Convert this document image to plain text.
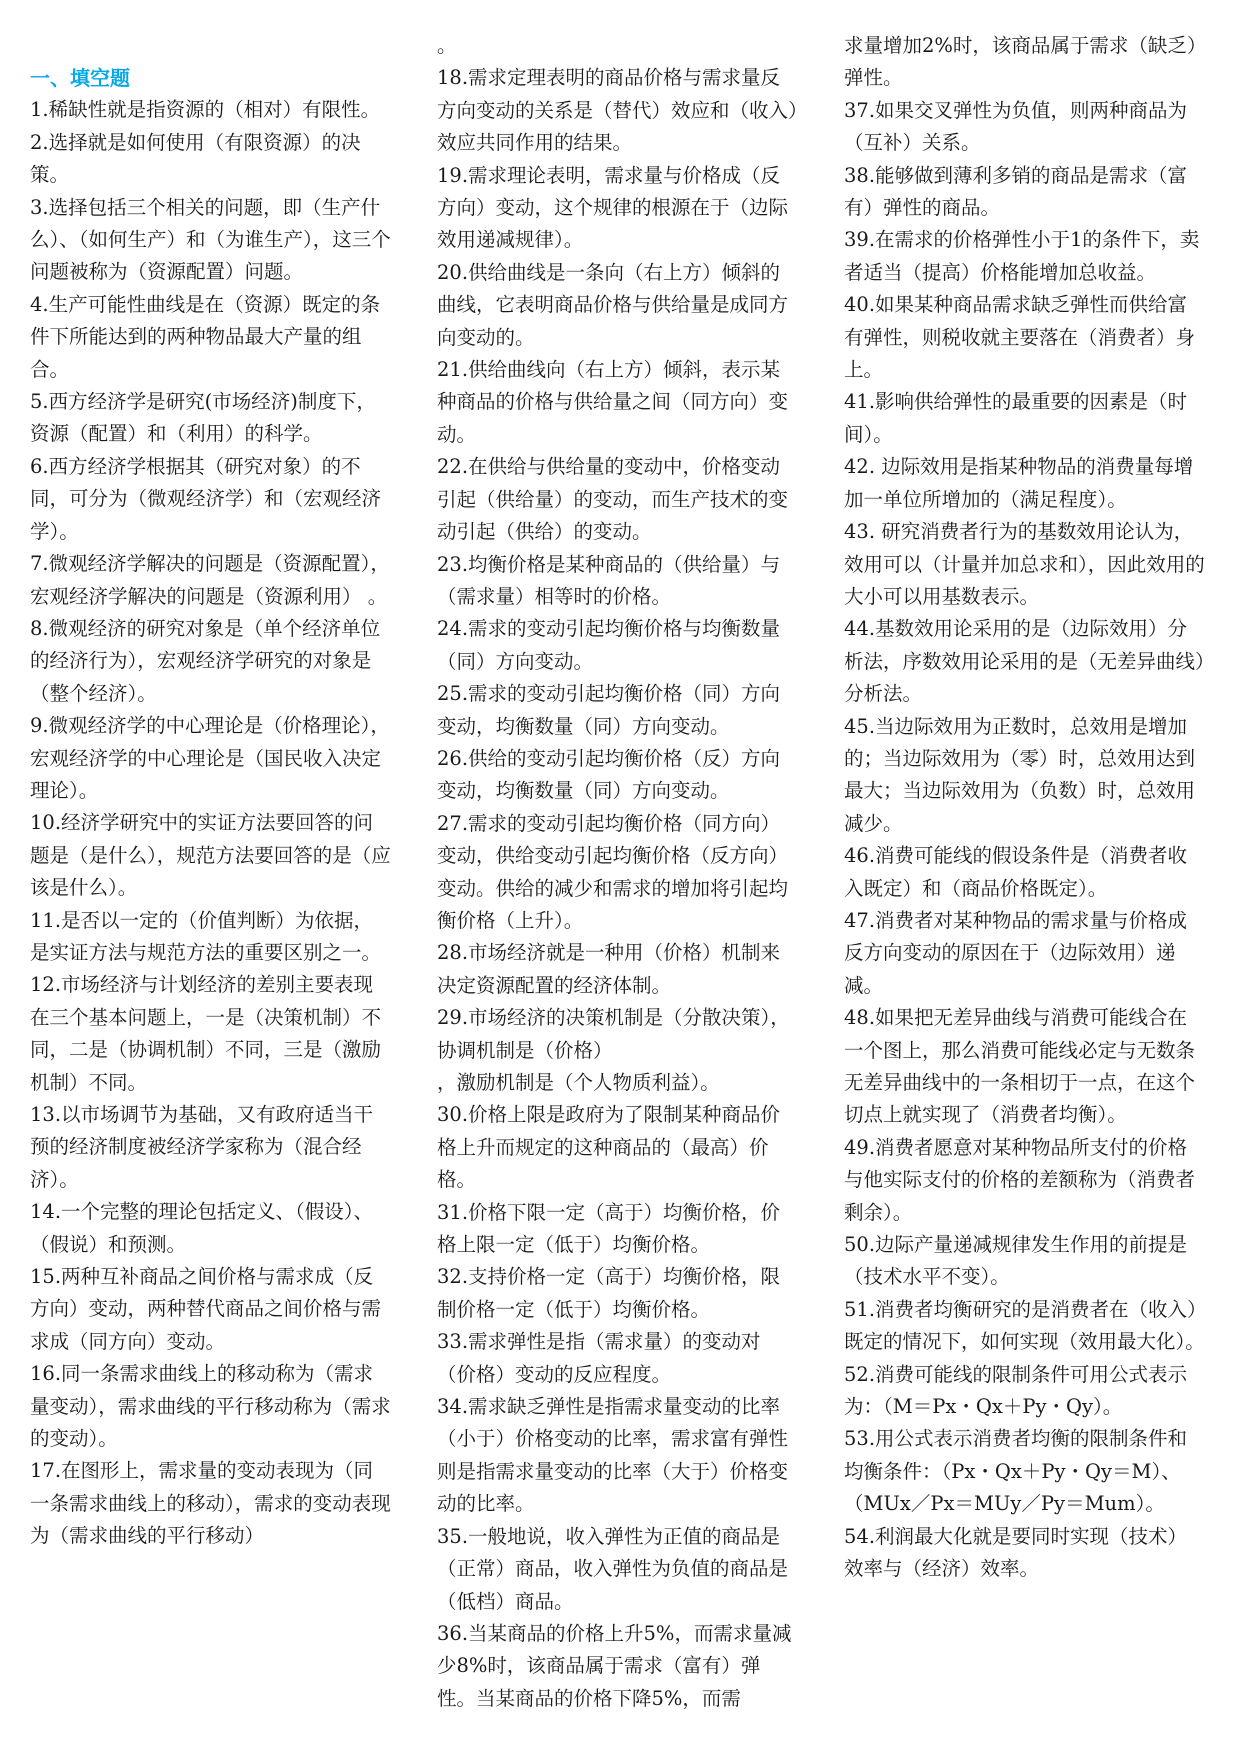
一、填空题

1.稀缺性就是指资源的（相对）有限性。

2.选择就是如何使用（有限资源）的决策。

3.选择包括三个相关的问题，即（生产什么）、（如何生产）和（为谁生产），这三个问题被称为（资源配置）问题。

4.生产可能性曲线是在（资源）既定的条件下所能达到的两种物品最大产量的组合。

5.西方经济学是研究(市场经济)制度下，资源（配置）和（利用）的科学。

6.西方经济学根据其（研究对象）的不同，可分为（微观经济学）和（宏观经济学）。

7.微观经济学解决的问题是（资源配置），宏观经济学解决的问题是（资源利用） 。

8.微观经济的研究对象是（单个经济单位的经济行为），宏观经济学研究的对象是（整个经济）。

9.微观经济学的中心理论是（价格理论），宏观经济学的中心理论是（国民收入决定理论）。

10.经济学研究中的实证方法要回答的问题是（是什么），规范方法要回答的是（应该是什么）。

11.是否以一定的（价值判断）为依据，是实证方法与规范方法的重要区别之一。

12.市场经济与计划经济的差别主要表现在三个基本问题上，一是（决策机制）不同，二是（协调机制）不同，三是（激励机制）不同。

13.以市场调节为基础，又有政府适当干预的经济制度被经济学家称为（混合经济）。

14.一个完整的理论包括定义、（假设）、（假说）和预测。

15.两种互补商品之间价格与需求成（反方向）变动，两种替代商品之间价格与需求成（同方向）变动。

16.同一条需求曲线上的移动称为（需求量变动），需求曲线的平行移动称为（需求的变动）。

17.在图形上，需求量的变动表现为（同一条需求曲线上的移动），需求的变动表现为（需求曲线的平行移动）

。

18.需求定理表明的商品价格与需求量反方向变动的关系是（替代）效应和（收入）效应共同作用的结果。

19.需求理论表明，需求量与价格成（反方向）变动，这个规律的根源在于（边际效用递减规律）。

20.供给曲线是一条向（右上方）倾斜的曲线，它表明商品价格与供给量是成同方向变动的。

21.供给曲线向（右上方）倾斜，表示某种商品的价格与供给量之间（同方向）变动。

22.在供给与供给量的变动中，价格变动引起（供给量）的变动，而生产技术的变动引起（供给）的变动。

23.均衡价格是某种商品的（供给量）与（需求量）相等时的价格。

24.需求的变动引起均衡价格与均衡数量（同）方向变动。

25.需求的变动引起均衡价格（同）方向变动，均衡数量（同）方向变动。

26.供给的变动引起均衡价格（反）方向变动，均衡数量（同）方向变动。

27.需求的变动引起均衡价格（同方向）变动，供给变动引起均衡价格（反方向）变动。供给的减少和需求的增加将引起均衡价格（上升）。

28.市场经济就是一种用（价格）机制来决定资源配置的经济体制。

29.市场经济的决策机制是（分散决策），协调机制是（价格）

，激励机制是（个人物质利益）。

30.价格上限是政府为了限制某种商品价格上升而规定的这种商品的（最高）价格。

31.价格下限一定（高于）均衡价格，价格上限一定（低于）均衡价格。

32.支持价格一定（高于）均衡价格，限制价格一定（低于）均衡价格。

33.需求弹性是指（需求量）的变动对（价格）变动的反应程度。

34.需求缺乏弹性是指需求量变动的比率（小于）价格变动的比率，需求富有弹性则是指需求量变动的比率（大于）价格变动的比率。

35.一般地说，收入弹性为正值的商品是（正常）商品，收入弹性为负值的商品是（低档）商品。

36.当某商品的价格上升5%，而需求量减少8%时，该商品属于需求（富有）弹性。当某商品的价格下降5%，而需

求量增加2%时，该商品属于需求（缺乏）弹性。

37.如果交叉弹性为负值，则两种商品为（互补）关系。

38.能够做到薄利多销的商品是需求（富有）弹性的商品。

39.在需求的价格弹性小于1的条件下，卖者适当（提高）价格能增加总收益。

40.如果某种商品需求缺乏弹性而供给富有弹性，则税收就主要落在（消费者）身上。

41.影响供给弹性的最重要的因素是（时间）。

42. 边际效用是指某种物品的消费量每增加一单位所增加的（满足程度）。

43. 研究消费者行为的基数效用论认为，效用可以（计量并加总求和），因此效用的大小可以用基数表示。

44.基数效用论采用的是（边际效用）分析法，序数效用论采用的是（无差异曲线）分析法。

45.当边际效用为正数时，总效用是增加的；当边际效用为（零）时，总效用达到最大；当边际效用为（负数）时，总效用减少。

46.消费可能线的假设条件是（消费者收入既定）和（商品价格既定）。

47.消费者对某种物品的需求量与价格成反方向变动的原因在于（边际效用）递减。

48.如果把无差异曲线与消费可能线合在一个图上，那么消费可能线必定与无数条无差异曲线中的一条相切于一点，在这个切点上就实现了（消费者均衡）。

49.消费者愿意对某种物品所支付的价格与他实际支付的价格的差额称为（消费者剩余）。

50.边际产量递减规律发生作用的前提是（技术水平不变）。

51.消费者均衡研究的是消费者在（收入）既定的情况下，如何实现（效用最大化）。

52.消费可能线的限制条件可用公式表示为：（M＝Px・Qx＋Py・Qy）。

53.用公式表示消费者均衡的限制条件和均衡条件：（Px・Qx＋Py・Qy＝M）、（MUx／Px＝MUy／Py＝Mum）。

54.利润最大化就是要同时实现（技术）效率与（经济）效率。
